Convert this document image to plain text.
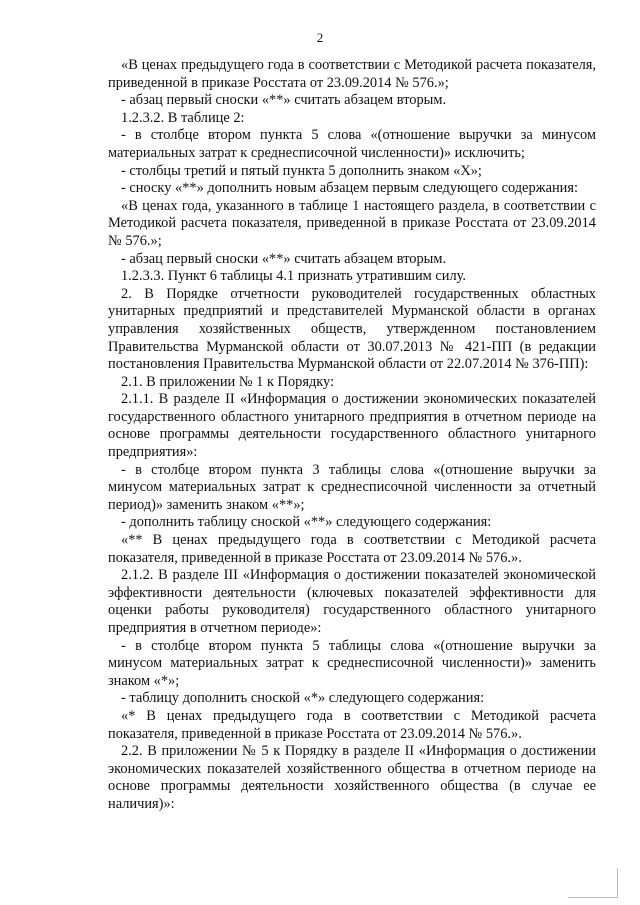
2

«В ценах предыдущего года в соответствии с Методикой расчета показателя, приведенной в приказе Росстата от 23.09.2014 № 576.»;

- абзац первый сноски «**» считать абзацем вторым.

1.2.3.2. В таблице 2:

- в столбце втором пункта 5 слова «(отношение выручки за минусом материальных затрат к среднесписочной численности)» исключить;

- столбцы третий и пятый пункта 5 дополнить знаком «Х»;

- сноску «**» дополнить новым абзацем первым следующего содержания:

«В ценах года, указанного в таблице 1 настоящего раздела, в соответствии с Методикой расчета показателя, приведенной в приказе Росстата от 23.09.2014 № 576.»;

- абзац первый сноски «**» считать абзацем вторым.

1.2.3.3. Пункт 6 таблицы 4.1 признать утратившим силу.

2. В Порядке отчетности руководителей государственных областных унитарных предприятий и представителей Мурманской области в органах управления хозяйственных обществ, утвержденном постановлением Правительства Мурманской области от 30.07.2013 № 421-ПП (в редакции постановления Правительства Мурманской области от 22.07.2014 № 376-ПП):

2.1. В приложении № 1 к Порядку:

2.1.1. В разделе II «Информация о достижении экономических показателей государственного областного унитарного предприятия в отчетном периоде на основе программы деятельности государственного областного унитарного предприятия»:

- в столбце втором пункта 3 таблицы слова «(отношение выручки за минусом материальных затрат к среднесписочной численности за отчетный период)» заменить знаком «**»;

- дополнить таблицу сноской «**» следующего содержания:

«** В ценах предыдущего года в соответствии с Методикой расчета показателя, приведенной в приказе Росстата от 23.09.2014 № 576.».

2.1.2. В разделе III «Информация о достижении показателей экономической эффективности деятельности (ключевых показателей эффективности для оценки работы руководителя) государственного областного унитарного предприятия в отчетном периоде»:

- в столбце втором пункта 5 таблицы слова «(отношение выручки за минусом материальных затрат к среднесписочной численности)» заменить знаком «*»;

- таблицу дополнить сноской «*» следующего содержания:

«* В ценах предыдущего года в соответствии с Методикой расчета показателя, приведенной в приказе Росстата от 23.09.2014 № 576.».

2.2. В приложении № 5 к Порядку в разделе II «Информация о достижении экономических показателей хозяйственного общества в отчетном периоде на основе программы деятельности хозяйственного общества (в случае ее наличия)»:
